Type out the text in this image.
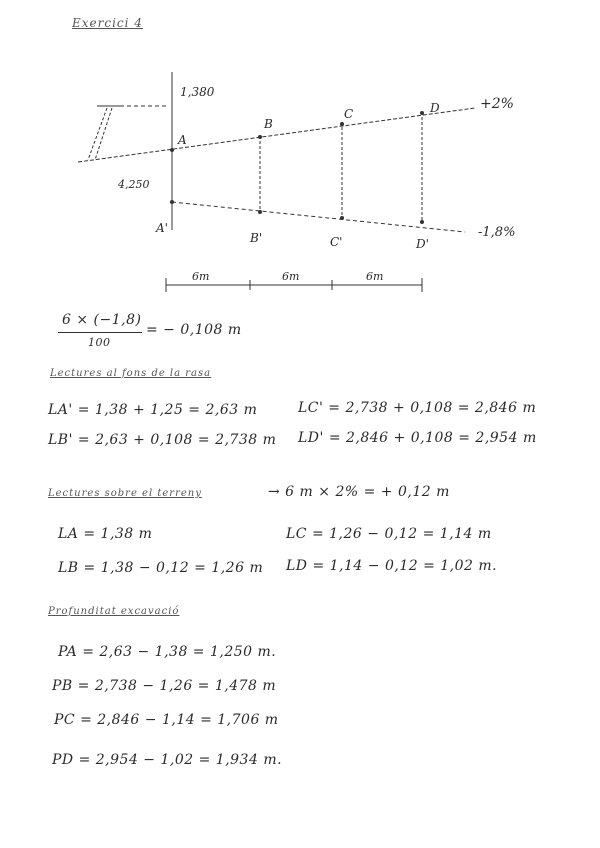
Exercici 4
1,380
4,250
A
B
C	D	+2%
A'
B'	C'	D'
-1,8%
6m	6m	6m
6 × (−1,8)
100
= − 0,108 m
Lectures al fons de la rasa
LA' = 1,38 + 1,25 = 2,63 m
LB' = 2,63 + 0,108 = 2,738 m
LC' = 2,738 + 0,108 = 2,846 m
LD' = 2,846 + 0,108 = 2,954 m
Lectures sobre el terreny	→ 6 m × 2% = + 0,12 m
LA = 1,38 m
LB = 1,38 − 0,12 = 1,26 m
LC = 1,26 − 0,12 = 1,14 m
LD = 1,14 − 0,12 = 1,02 m.
Profunditat excavació
PA = 2,63 − 1,38 = 1,250 m.
PB = 2,738 − 1,26 = 1,478 m
PC = 2,846 − 1,14 = 1,706 m
PD = 2,954 − 1,02 = 1,934 m.
